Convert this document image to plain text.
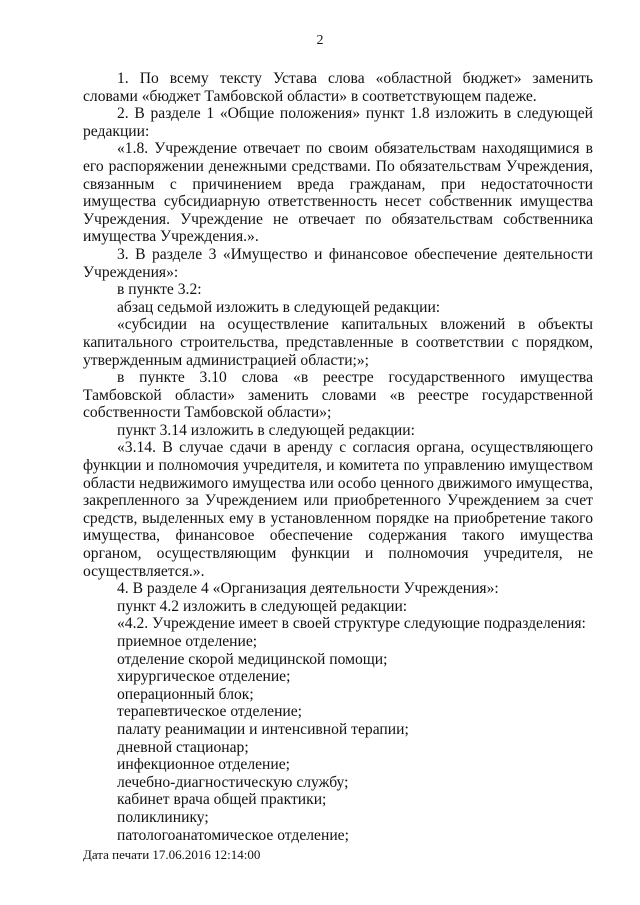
2

1. По всему тексту Устава слова «областной бюджет» заменить словами «бюджет Тамбовской области» в соответствующем падеже.

2. В разделе 1 «Общие положения» пункт 1.8 изложить в следующей редакции:

«1.8. Учреждение отвечает по своим обязательствам находящимися в его распоряжении денежными средствами. По обязательствам Учреждения, связанным с причинением вреда гражданам, при недостаточности имущества субсидиарную ответственность несет собственник имущества Учреждения. Учреждение не отвечает по обязательствам собственника имущества Учреждения.».

3. В разделе 3 «Имущество и финансовое обеспечение деятельности Учреждения»:

в пункте 3.2:

абзац седьмой изложить в следующей редакции:

«субсидии на осуществление капитальных вложений в объекты капитального строительства, представленные в соответствии с порядком, утвержденным администрацией области;»;

в пункте 3.10 слова «в реестре государственного имущества Тамбовской области» заменить словами «в реестре государственной собственности Тамбовской области»;

пункт 3.14 изложить в следующей редакции:

«3.14. В случае сдачи в аренду с согласия органа, осуществляющего функции и полномочия учредителя, и комитета по управлению имуществом области недвижимого имущества или особо ценного движимого имущества, закрепленного за Учреждением или приобретенного Учреждением за счет средств, выделенных ему в установленном порядке на приобретение такого имущества, финансовое обеспечение содержания такого имущества органом, осуществляющим функции и полномочия учредителя, не осуществляется.».

4. В разделе 4 «Организация деятельности Учреждения»:

пункт 4.2 изложить в следующей редакции:

«4.2. Учреждение имеет в своей структуре следующие подразделения:

приемное отделение;

отделение скорой медицинской помощи;

хирургическое отделение;

операционный блок;

терапевтическое отделение;

палату реанимации и интенсивной терапии;

дневной стационар;

инфекционное отделение;

лечебно-диагностическую службу;

кабинет врача общей практики;

поликлинику;

патологоанатомическое отделение;

Дата печати 17.06.2016 12:14:00
